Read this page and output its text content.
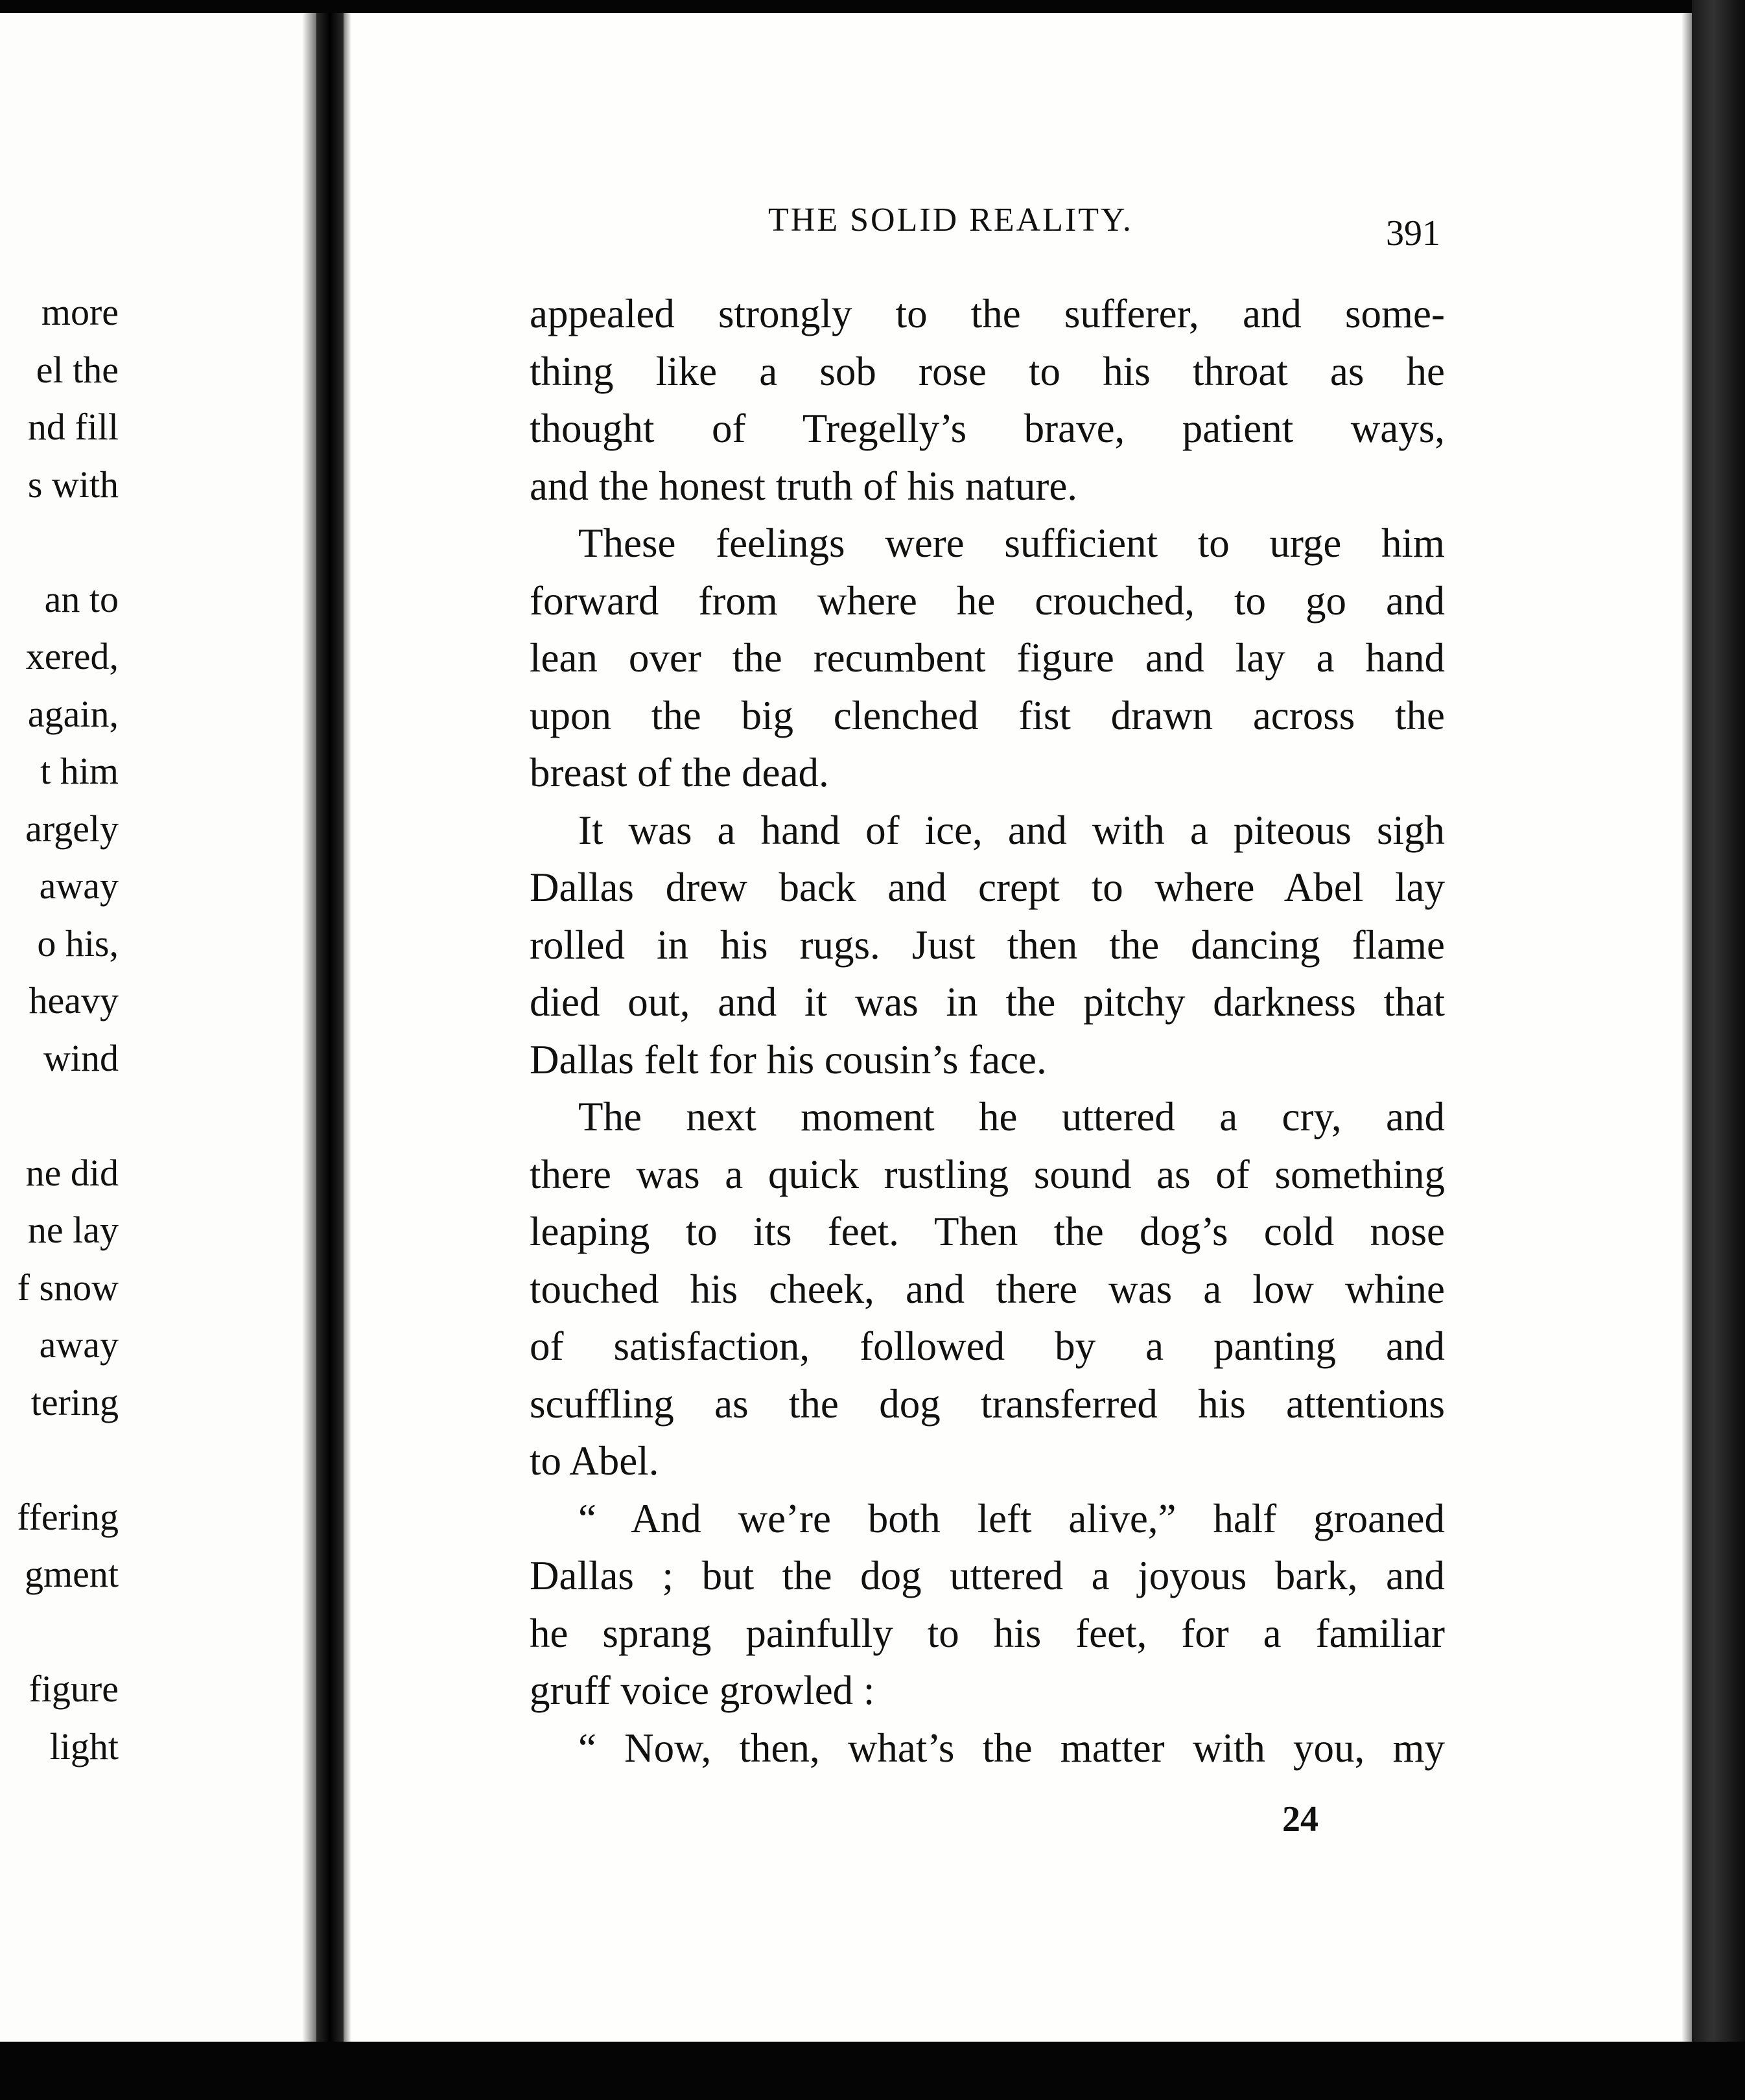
more
el the
nd fill
s with
an to
xered,
again,
t him
argely
away
o his,
heavy
wind
ne did
ne lay
f snow
away
tering
ffering
gment
figure
light
THE SOLID REALITY.	391
appealed strongly to the sufferer, and some-
thing like a sob rose to his throat as he
thought of Tregelly’s brave, patient ways,
and the honest truth of his nature.
These feelings were sufficient to urge him
forward from where he crouched, to go and
lean over the recumbent figure and lay a hand
upon the big clenched fist drawn across the
breast of the dead.
It was a hand of ice, and with a piteous sigh
Dallas drew back and crept to where Abel lay
rolled in his rugs. Just then the dancing flame
died out, and it was in the pitchy darkness that
Dallas felt for his cousin’s face.
The next moment he uttered a cry, and
there was a quick rustling sound as of something
leaping to its feet. Then the dog’s cold nose
touched his cheek, and there was a low whine
of satisfaction, followed by a panting and
scuffling as the dog transferred his attentions
to Abel.
“ And we’re both left alive,” half groaned
Dallas ; but the dog uttered a joyous bark, and
he sprang painfully to his feet, for a familiar
gruff voice growled :
“ Now, then, what’s the matter with you, my
24
